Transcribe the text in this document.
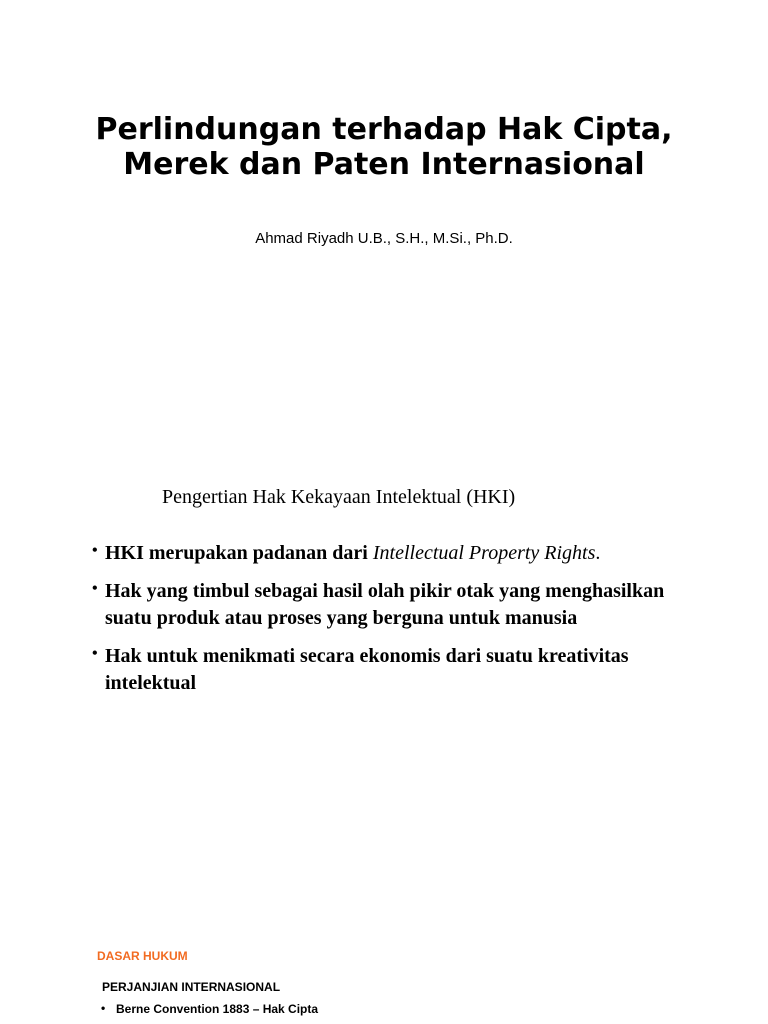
Perlindungan terhadap Hak Cipta, Merek dan Paten Internasional

Ahmad Riyadh U.B., S.H., M.Si., Ph.D.

Pengertian Hak Kekayaan Intelektual (HKI)

• HKI merupakan padanan dari Intellectual Property Rights.
• Hak yang timbul sebagai hasil olah pikir otak yang menghasilkan suatu produk atau proses yang berguna untuk manusia
• Hak untuk menikmati secara ekonomis dari suatu kreativitas intelektual

DASAR HUKUM

PERJANJIAN INTERNASIONAL

• Berne Convention 1883 – Hak Cipta
